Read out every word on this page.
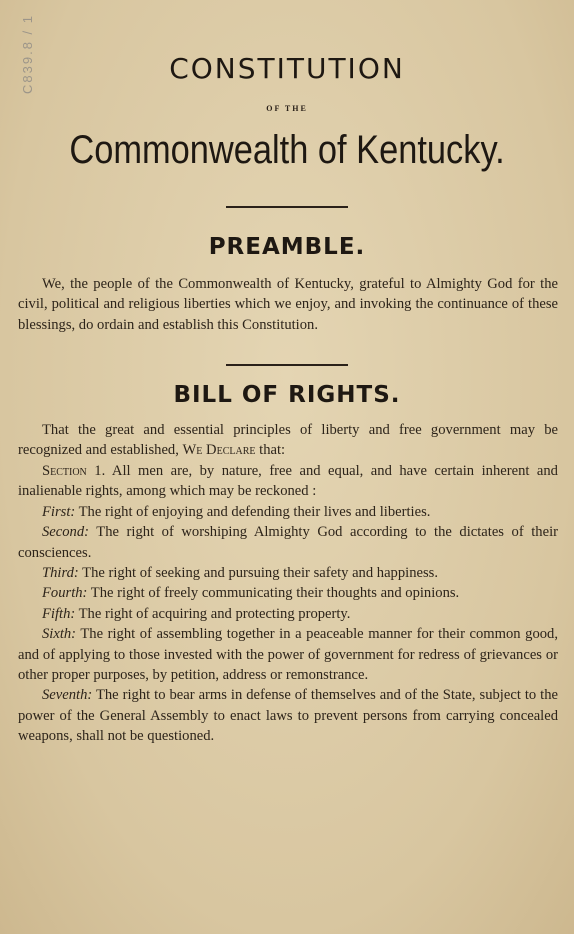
C839.8 / 1	CONSTITUTION
OF THE
Commonwealth of Kentucky.
PREAMBLE.
We, the people of the Commonwealth of Kentucky, grateful to Almighty God for the civil, political and religious liberties which we enjoy, and invoking the continuance of these blessings, do ordain and establish this Constitution.
BILL OF RIGHTS.
That the great and essential principles of liberty and free government may be recognized and established, We Declare that:
Section 1. All men are, by nature, free and equal, and have certain inherent and inalienable rights, among which may be reckoned :
First: The right of enjoying and defending their lives and liberties.
Second: The right of worshiping Almighty God according to the dictates of their consciences.
Third: The right of seeking and pursuing their safety and happiness.
Fourth: The right of freely communicating their thoughts and opinions.
Fifth: The right of acquiring and protecting property.
Sixth: The right of assembling together in a peaceable manner for their common good, and of applying to those invested with the power of government for redress of grievances or other proper purposes, by petition, address or remonstrance.
Seventh: The right to bear arms in defense of themselves and of the State, subject to the power of the General Assembly to enact laws to prevent persons from carrying concealed weapons, shall not be questioned.
